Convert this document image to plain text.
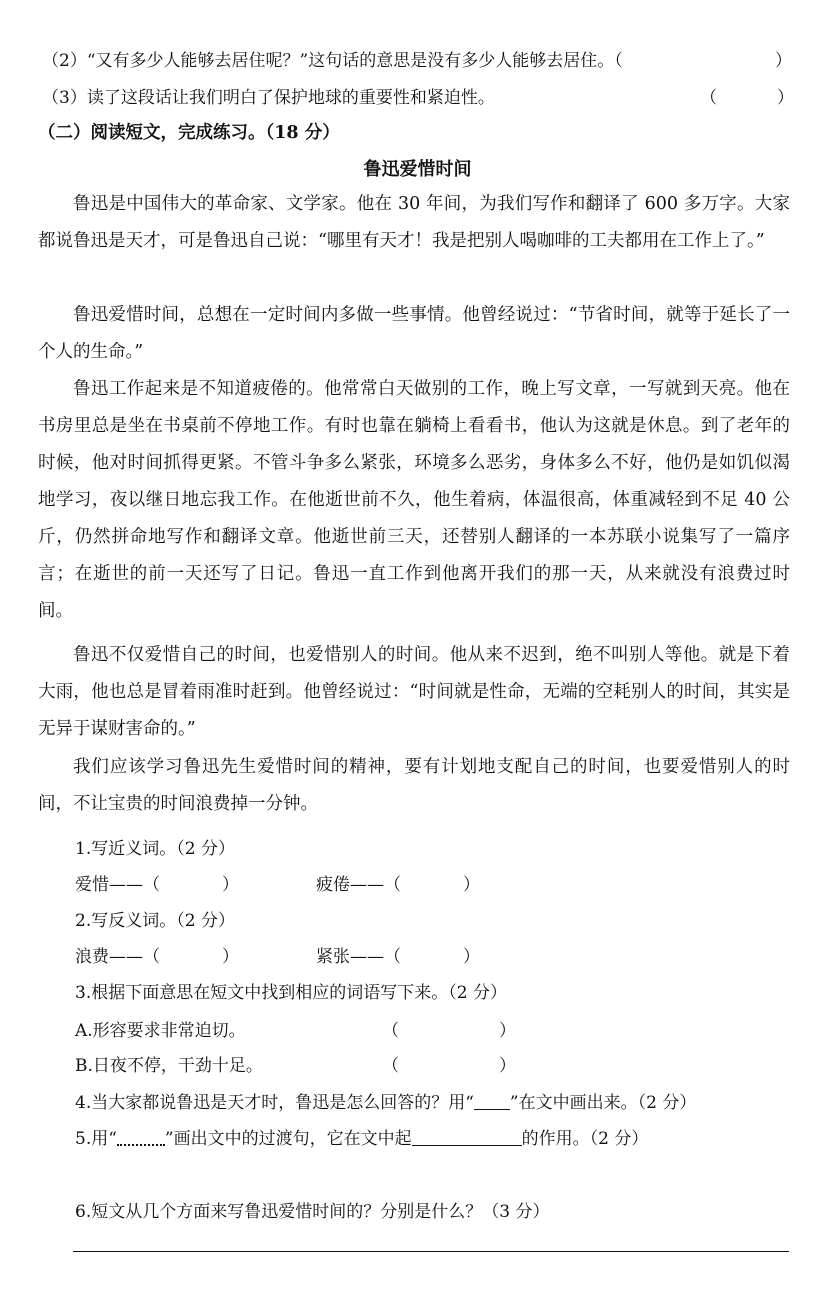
（2）“又有多少人能够去居住呢？”这句话的意思是没有多少人能够去居住。（	）
（3）读了这段话让我们明白了保护地球的重要性和紧迫性。	（	）
（二）阅读短文，完成练习。（18 分）
鲁迅爱惜时间
鲁迅是中国伟大的革命家、文学家。他在 30 年间，为我们写作和翻译了 600 多万字。大家都说鲁迅是天才，可是鲁迅自己说：“哪里有天才！我是把别人喝咖啡的工夫都用在工作上了。”
鲁迅爱惜时间，总想在一定时间内多做一些事情。他曾经说过：“节省时间，就等于延长了一个人的生命。”
鲁迅工作起来是不知道疲倦的。他常常白天做别的工作，晚上写文章，一写就到天亮。他在书房里总是坐在书桌前不停地工作。有时也靠在躺椅上看看书，他认为这就是休息。到了老年的时候，他对时间抓得更紧。不管斗争多么紧张，环境多么恶劣，身体多么不好，他仍是如饥似渴地学习，夜以继日地忘我工作。在他逝世前不久，他生着病，体温很高，体重减轻到不足 40 公斤，仍然拼命地写作和翻译文章。他逝世前三天，还替别人翻译的一本苏联小说集写了一篇序言；在逝世的前一天还写了日记。鲁迅一直工作到他离开我们的那一天，从来就没有浪费过时间。
鲁迅不仅爱惜自己的时间，也爱惜别人的时间。他从来不迟到，绝不叫别人等他。就是下着大雨，他也总是冒着雨准时赶到。他曾经说过：“时间就是性命，无端的空耗别人的时间，其实是无异于谋财害命的。”
我们应该学习鲁迅先生爱惜时间的精神，要有计划地支配自己的时间，也要爱惜别人的时间，不让宝贵的时间浪费掉一分钟。
1.写近义词。（2 分）
爱惜——（	）	疲倦——（	）
2.写反义词。（2 分）
浪费——（	）	紧张——（	）
3.根据下面意思在短文中找到相应的词语写下来。（2 分）
A.形容要求非常迫切。	（	）
B.日夜不停，干劲十足。	（	）
4.当大家都说鲁迅是天才时，鲁迅是怎么回答的？用“ ”在文中画出来。（2 分）
5.用“	”画出文中的过渡句，它在文中起	的作用。（2 分）
6.短文从几个方面来写鲁迅爱惜时间的？分别是什么？（3 分）
